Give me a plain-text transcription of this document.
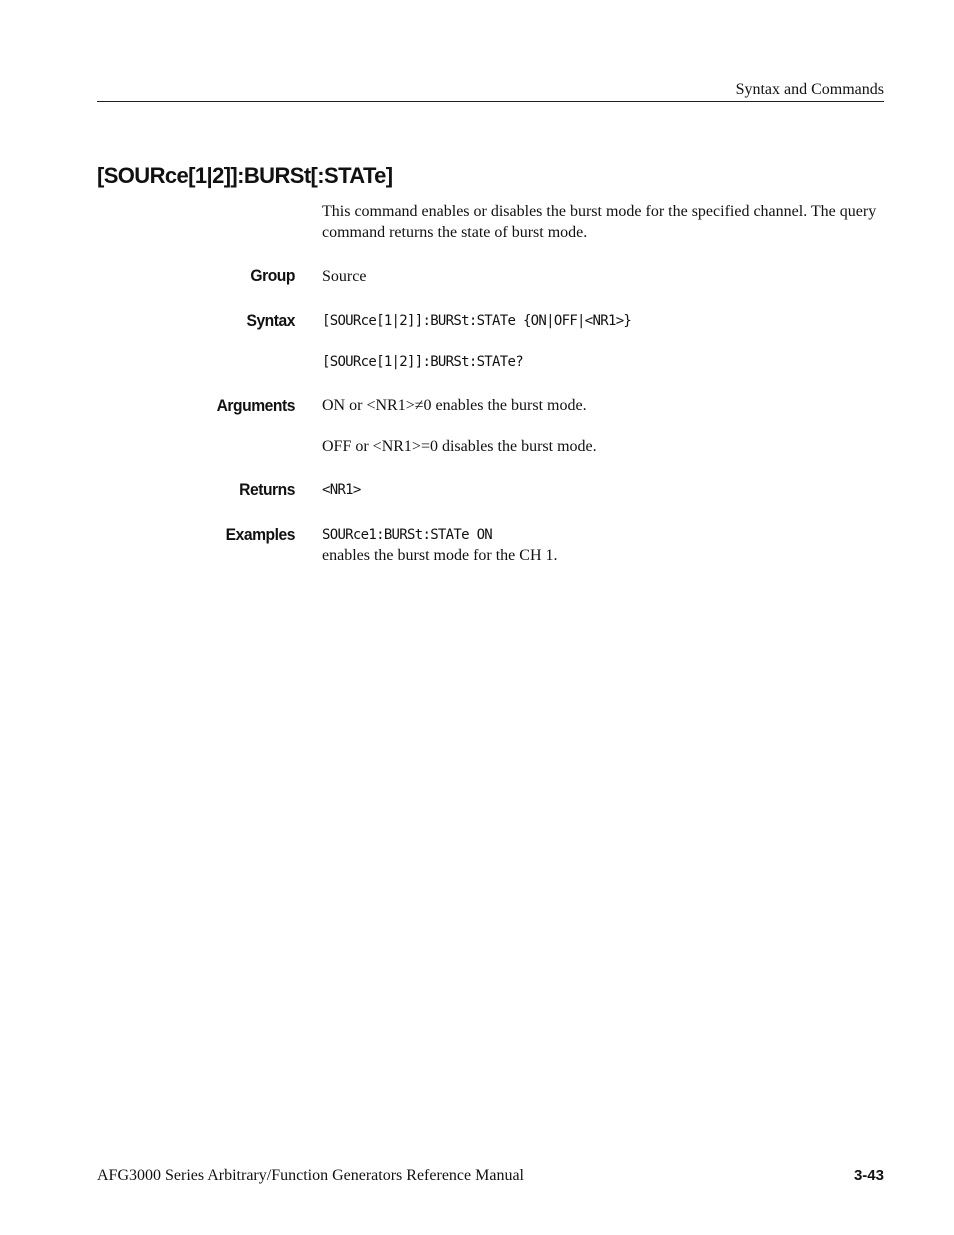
Syntax and Commands
[SOURce[1|2]]:BURSt[:STATe]

This command enables or disables the burst mode for the specified channel. The query command returns the state of burst mode.

Group Source
Syntax [SOURce[1|2]]:BURSt:STATe {ON|OFF|<NR1>}
[SOURce[1|2]]:BURSt:STATe?
Arguments ON or <NR1>≠0 enables the burst mode.
OFF or <NR1>=0 disables the burst mode.
Returns <NR1>
Examples SOURce1:BURSt:STATe ON
enables the burst mode for the CH 1.
AFG3000 Series Arbitrary/Function Generators Reference Manual	3-43
